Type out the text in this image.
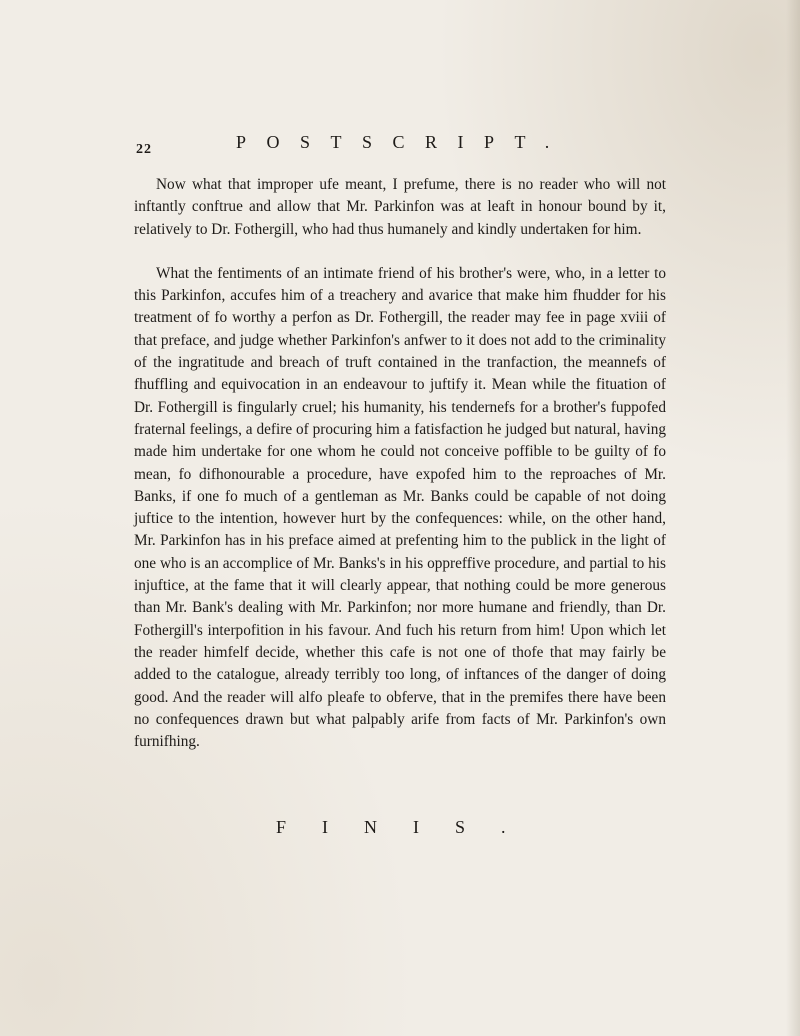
22	POSTSCRIPT.

Now what that improper ufe meant, I prefume, there is no reader who will not inftantly conftrue and allow that Mr. Parkinfon was at leaft in honour bound by it, relatively to Dr. Fothergill, who had thus humanely and kindly undertaken for him.

What the fentiments of an intimate friend of his brother's were, who, in a letter to this Parkinfon, accufes him of a treachery and avarice that make him fhudder for his treatment of fo worthy a perfon as Dr. Fothergill, the reader may fee in page xviii of that preface, and judge whether Parkinfon's anfwer to it does not add to the criminality of the ingratitude and breach of truft contained in the tranfaction, the meannefs of fhuffling and equivocation in an endeavour to juftify it. Mean while the fituation of Dr. Fothergill is fingularly cruel; his humanity, his tendernefs for a brother's fuppofed fraternal feelings, a defire of procuring him a fatisfaction he judged but natural, having made him undertake for one whom he could not conceive poffible to be guilty of fo mean, fo difhonourable a procedure, have expofed him to the reproaches of Mr. Banks, if one fo much of a gentleman as Mr. Banks could be capable of not doing juftice to the intention, however hurt by the confequences: while, on the other hand, Mr. Parkinfon has in his preface aimed at prefenting him to the publick in the light of one who is an accomplice of Mr. Banks's in his oppreffive procedure, and partial to his injuftice, at the fame that it will clearly appear, that nothing could be more generous than Mr. Bank's dealing with Mr. Parkinfon; nor more humane and friendly, than Dr. Fothergill's interpofition in his favour. And fuch his return from him! Upon which let the reader himfelf decide, whether this cafe is not one of thofe that may fairly be added to the catalogue, already terribly too long, of inftances of the danger of doing good. And the reader will alfo pleafe to obferve, that in the premifes there have been no confequences drawn but what palpably arife from facts of Mr. Parkinfon's own furnifhing.

FINIS.
